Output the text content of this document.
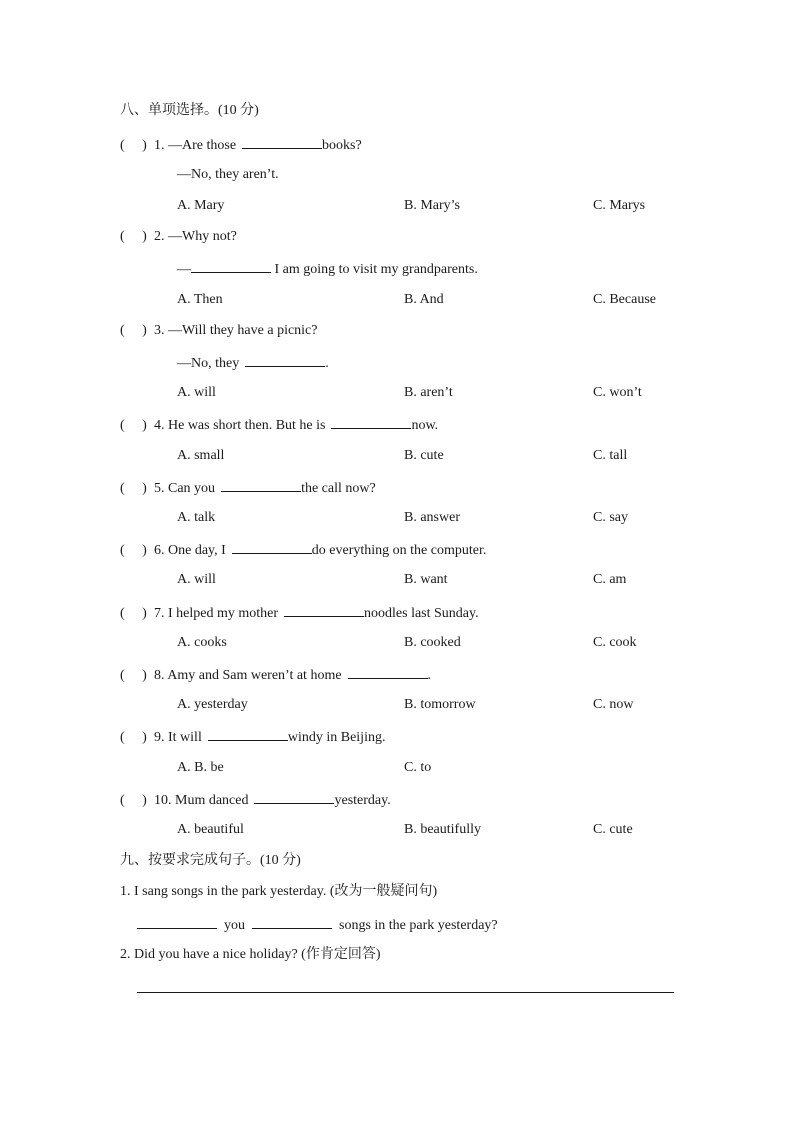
八、单项选择。(10 分)
( ) 1. —Are those	books?
—No, they aren’t.
A. Mary	B. Mary’s	C. Marys
( ) 2. —Why not?
—	I am going to visit my grandparents.
A. Then	B. And	C. Because
( ) 3. —Will they have a picnic?
—No, they	.
A. will	B. aren’t	C. won’t
( ) 4. He was short then. But he is	now.
A. small	B. cute	C. tall
( ) 5. Can you	the call now?
A. talk	B. answer	C. say
( ) 6. One day, I	do everything on the computer.
A. will	B. want	C. am
( ) 7. I helped my mother	noodles last Sunday.
A. cooks	B. cooked	C. cook
( ) 8. Amy and Sam weren’t at home	.
A. yesterday	B. tomorrow	C. now
( ) 9. It will	windy in Beijing.
A. B. be	C. to
( ) 10. Mum danced	yesterday.
A. beautiful	B. beautifully	C. cute
九、按要求完成句子。(10 分)
1. I sang songs in the park yesterday. (改为一般疑问句)
you	songs in the park yesterday?
2. Did you have a nice holiday? (作肯定回答)
